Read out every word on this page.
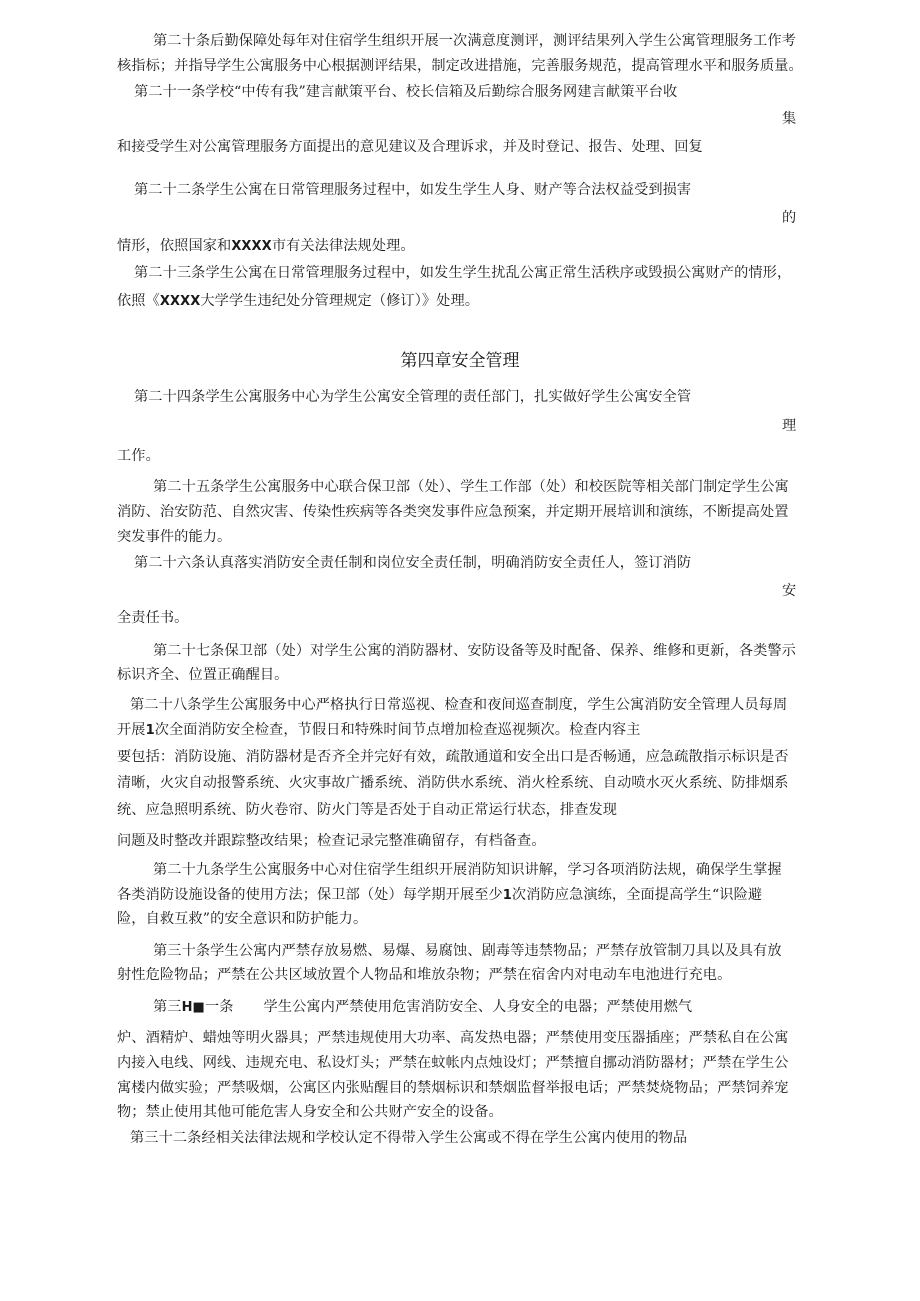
第二十条后勤保障处每年对住宿学生组织开展一次满意度测评，测评结果列入学生公寓管理服务工作考
核指标；并指导学生公寓服务中心根据测评结果，制定改进措施，完善服务规范，提高管理水平和服务质量。
第二十一条学校“中传有我”建言献策平台、校长信箱及后勤综合服务网建言献策平台收
集
和接受学生对公寓管理服务方面提出的意见建议及合理诉求，并及时登记、报告、处理、回复
第二十二条学生公寓在日常管理服务过程中，如发生学生人身、财产等合法权益受到损害
的
情形，依照国家和XXXX市有关法律法规处理。
第二十三条学生公寓在日常管理服务过程中，如发生学生扰乱公寓正常生活秩序或毁损公寓财产的情形，
依照《XXXX大学学生违纪处分管理规定（修订）》处理。
第四章安全管理
第二十四条学生公寓服务中心为学生公寓安全管理的责任部门，扎实做好学生公寓安全管
理
工作。
第二十五条学生公寓服务中心联合保卫部（处）、学生工作部（处）和校医院等相关部门制定学生公寓
消防、治安防范、自然灾害、传染性疾病等各类突发事件应急预案，并定期开展培训和演练，不断提高处置
突发事件的能力。
第二十六条认真落实消防安全责任制和岗位安全责任制，明确消防安全责任人，签订消防
安
全责任书。
第二十七条保卫部（处）对学生公寓的消防器材、安防设备等及时配备、保养、维修和更新，各类警示
标识齐全、位置正确醒目。
第二十八条学生公寓服务中心严格执行日常巡视、检查和夜间巡查制度，学生公寓消防安全管理人员每周
开展1次全面消防安全检查，节假日和特殊时间节点增加检查巡视频次。检查内容主
要包括：消防设施、消防器材是否齐全并完好有效，疏散通道和安全出口是否畅通，应急疏散指示标识是否
清晰，火灾自动报警系统、火灾事故广播系统、消防供水系统、消火栓系统、自动喷水灭火系统、防排烟系
统、应急照明系统、防火卷帘、防火门等是否处于自动正常运行状态，排查发现
问题及时整改并跟踪整改结果；检查记录完整准确留存，有档备查。
第二十九条学生公寓服务中心对住宿学生组织开展消防知识讲解，学习各项消防法规，确保学生掌握
各类消防设施设备的使用方法；保卫部（处）每学期开展至少1次消防应急演练，全面提高学生“识险避
险，自救互救”的安全意识和防护能力。
第三十条学生公寓内严禁存放易燃、易爆、易腐蚀、剧毒等违禁物品；严禁存放管制刀具以及具有放
射性危险物品；严禁在公共区域放置个人物品和堆放杂物；严禁在宿舍内对电动车电池进行充电。
第三H■一条 学生公寓内严禁使用危害消防安全、人身安全的电器；严禁使用燃气
炉、酒精炉、蜡烛等明火器具；严禁违规使用大功率、高发热电器；严禁使用变压器插座；严禁私自在公寓
内接入电线、网线、违规充电、私设灯头；严禁在蚊帐内点烛设灯；严禁擅自挪动消防器材；严禁在学生公
寓楼内做实验；严禁吸烟，公寓区内张贴醒目的禁烟标识和禁烟监督举报电话；严禁焚烧物品；严禁饲养宠
物；禁止使用其他可能危害人身安全和公共财产安全的设备。
第三十二条经相关法律法规和学校认定不得带入学生公寓或不得在学生公寓内使用的物品
